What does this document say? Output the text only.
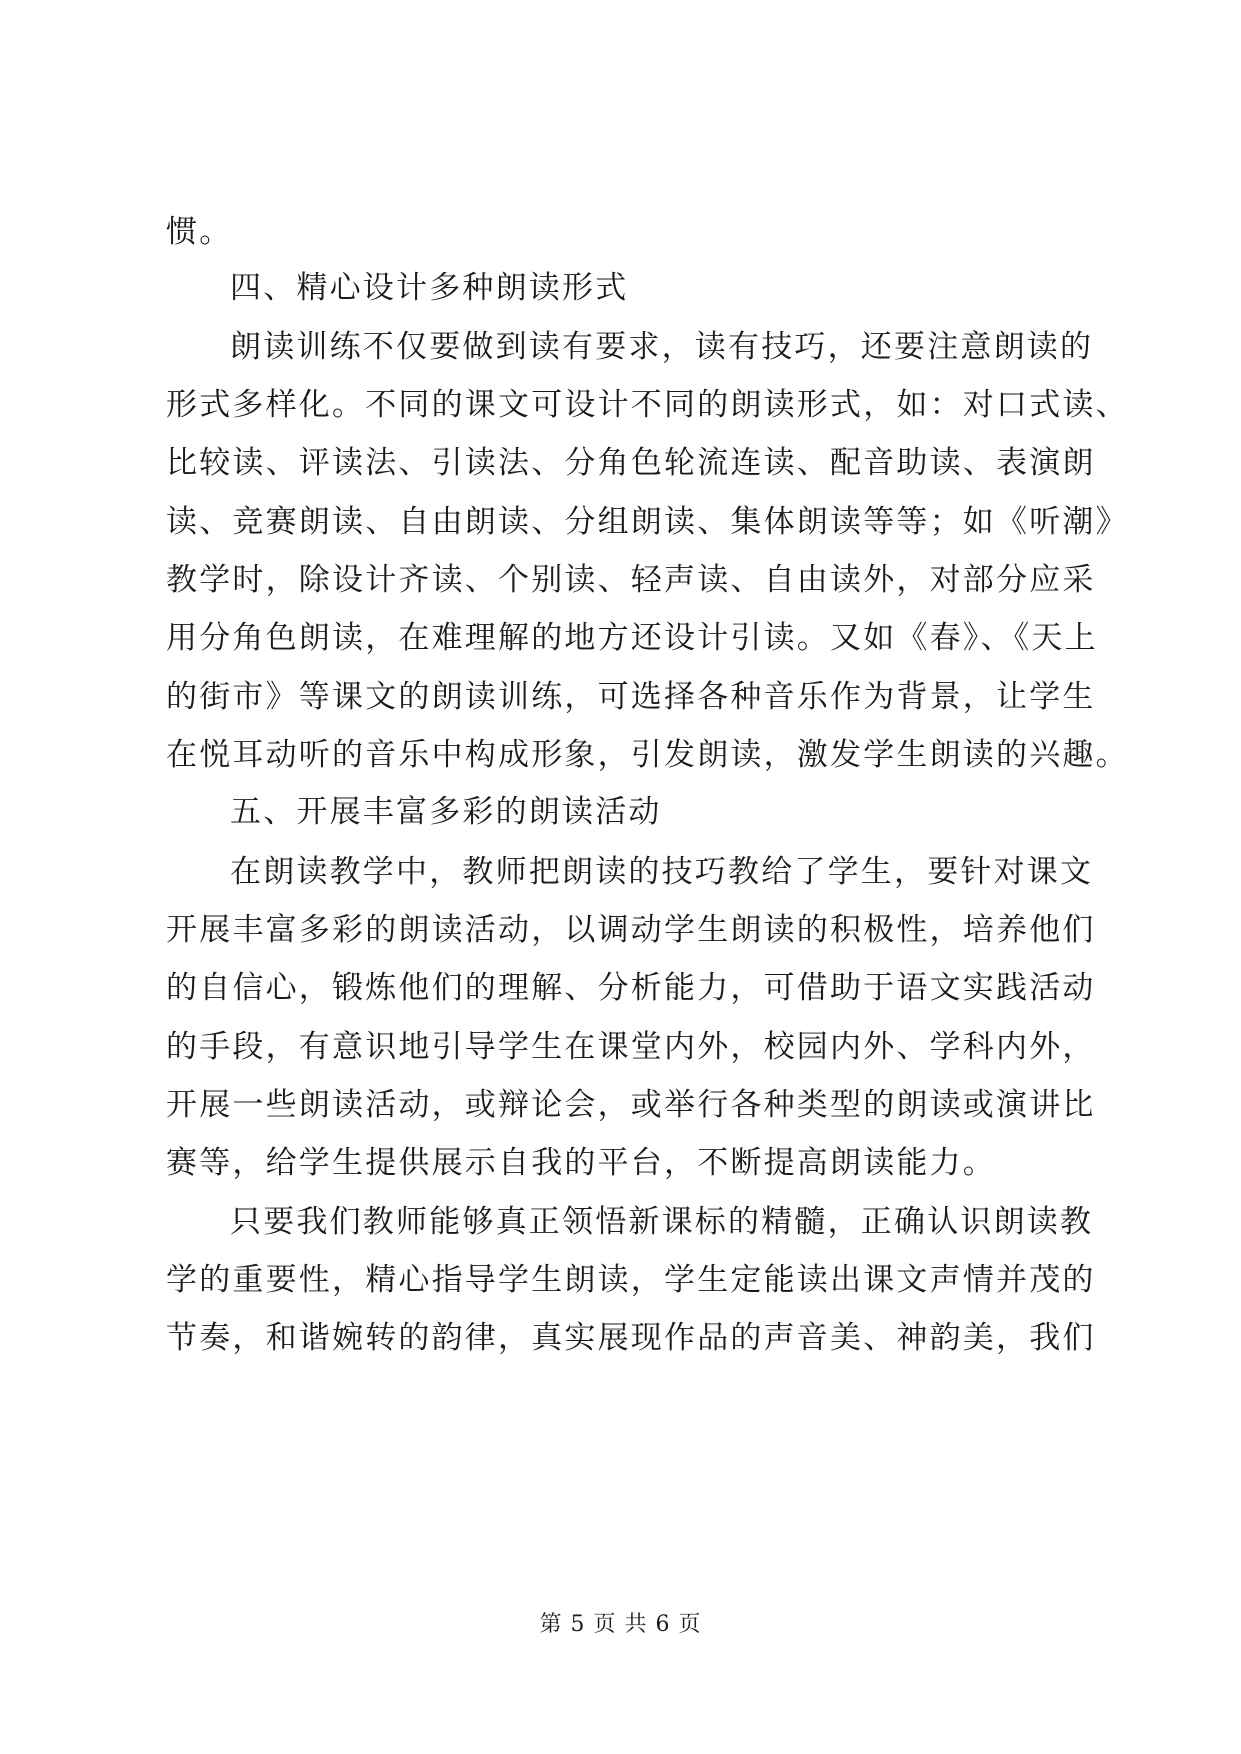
惯。
四、精心设计多种朗读形式
朗读训练不仅要做到读有要求，读有技巧，还要注意朗读的
形式多样化。不同的课文可设计不同的朗读形式，如：对口式读、
比较读、评读法、引读法、分角色轮流连读、配音助读、表演朗
读、竞赛朗读、自由朗读、分组朗读、集体朗读等等；如《听潮》
教学时，除设计齐读、个别读、轻声读、自由读外，对部分应采
用分角色朗读，在难理解的地方还设计引读。又如《春》、《天上
的街市》等课文的朗读训练，可选择各种音乐作为背景，让学生
在悦耳动听的音乐中构成形象，引发朗读，激发学生朗读的兴趣。
五、开展丰富多彩的朗读活动
在朗读教学中，教师把朗读的技巧教给了学生，要针对课文
开展丰富多彩的朗读活动，以调动学生朗读的积极性，培养他们
的自信心，锻炼他们的理解、分析能力，可借助于语文实践活动
的手段，有意识地引导学生在课堂内外，校园内外、学科内外，
开展一些朗读活动，或辩论会，或举行各种类型的朗读或演讲比
赛等，给学生提供展示自我的平台，不断提高朗读能力。
只要我们教师能够真正领悟新课标的精髓，正确认识朗读教
学的重要性，精心指导学生朗读，学生定能读出课文声情并茂的
节奏，和谐婉转的韵律，真实展现作品的声音美、神韵美，我们
第 5 页 共 6 页
